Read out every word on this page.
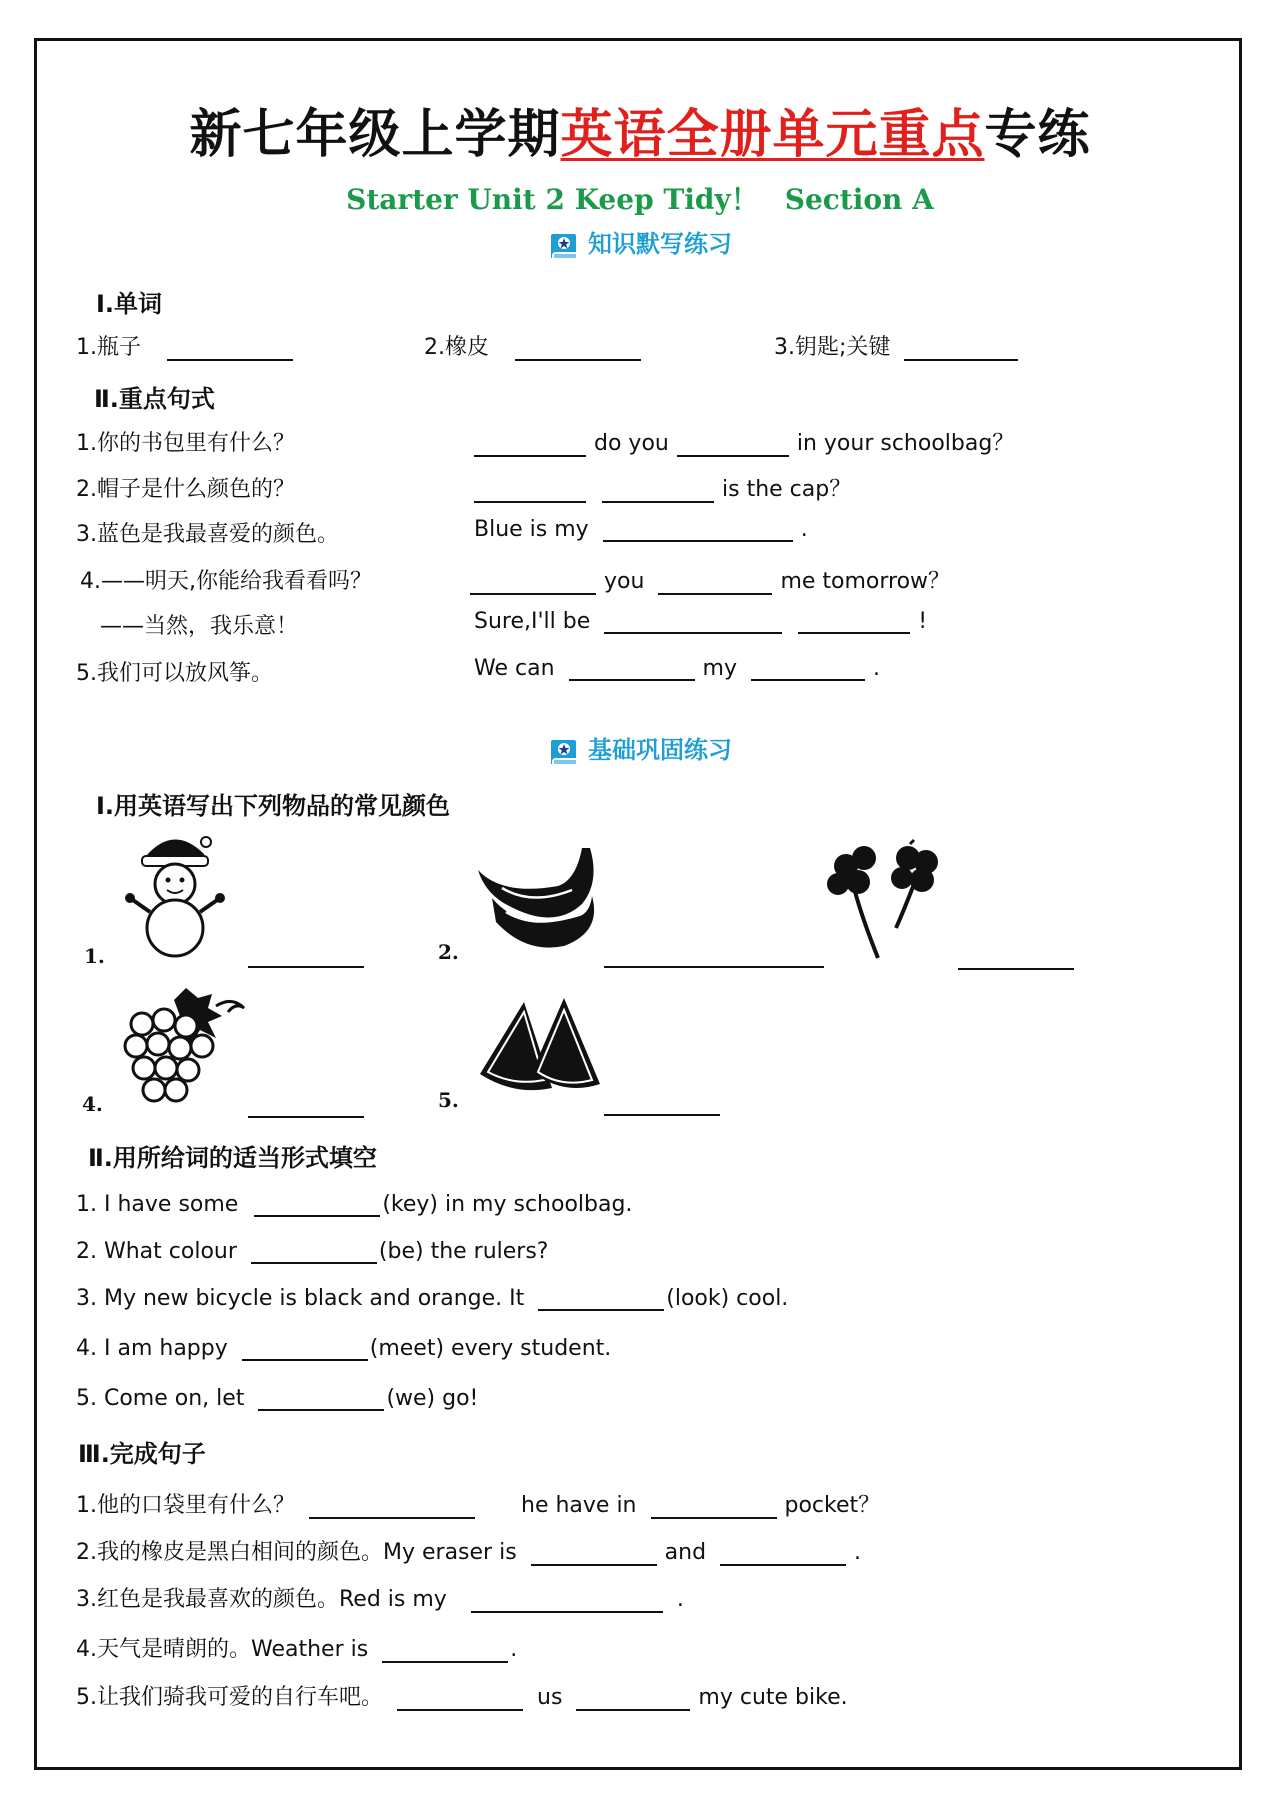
新七年级上学期英语全册单元重点专练
Starter Unit 2 Keep Tidy！ Section A
知识默写练习
Ⅰ.单词
1.瓶子	2.橡皮	3.钥匙;关键
Ⅱ.重点句式
1.你的书包里有什么？	do you	in your schoolbag？
2.帽子是什么颜色的？	is the cap？
3.蓝色是我最喜爱的颜色。	Blue is my	.
4.——明天,你能给我看看吗？	you	me tomorrow？
——当然，我乐意！	Sure,I'll be	!
5.我们可以放风筝。	We can	my	.
基础巩固练习
Ⅰ.用英语写出下列物品的常见颜色
1.	2.
4.	5.
Ⅱ.用所给词的适当形式填空
1. I have some	(key) in my schoolbag.
2. What colour	(be) the rulers?
3. My new bicycle is black and orange. It	(look) cool.
4. I am happy	(meet) every student.
5. Come on, let	(we) go!
Ⅲ.完成句子
1.他的口袋里有什么？	he have in	pocket？
2.我的橡皮是黑白相间的颜色。My eraser is	and	.
3.红色是我最喜欢的颜色。Red is my	.
4.天气是晴朗的。Weather is	.
5.让我们骑我可爱的自行车吧。	us	my cute bike.
